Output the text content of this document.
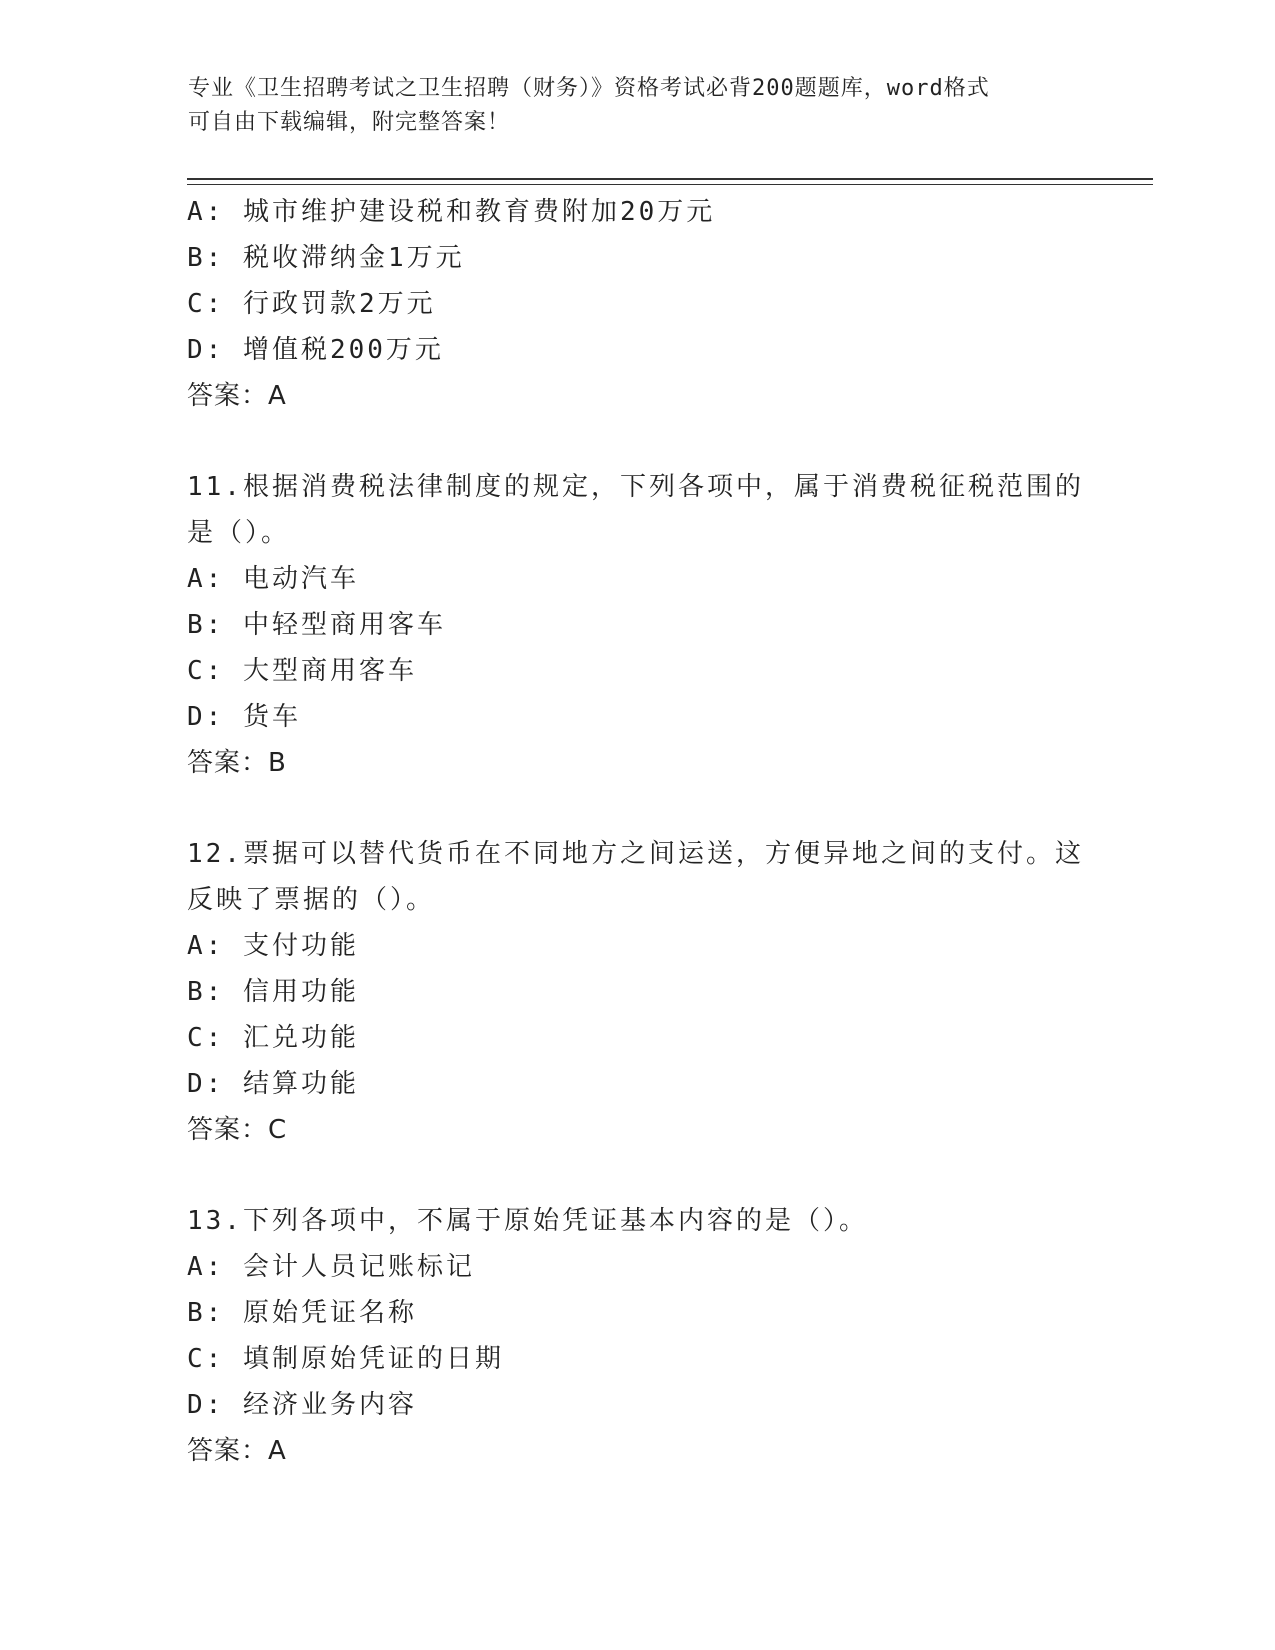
专业《卫生招聘考试之卫生招聘（财务）》资格考试必背200题题库，word格式

可自由下载编辑，附完整答案！

A: 城市维护建设税和教育费附加20万元
B: 税收滞纳金1万元
C: 行政罚款2万元
D: 增值税200万元
答案：A
11.根据消费税法律制度的规定，下列各项中，属于消费税征税范围的
是（）。
A: 电动汽车
B: 中轻型商用客车
C: 大型商用客车
D: 货车
答案：B
12.票据可以替代货币在不同地方之间运送，方便异地之间的支付。这
反映了票据的（）。
A: 支付功能
B: 信用功能
C: 汇兑功能
D: 结算功能
答案：C
13.下列各项中，不属于原始凭证基本内容的是（）。
A: 会计人员记账标记
B: 原始凭证名称
C: 填制原始凭证的日期
D: 经济业务内容
答案：A
